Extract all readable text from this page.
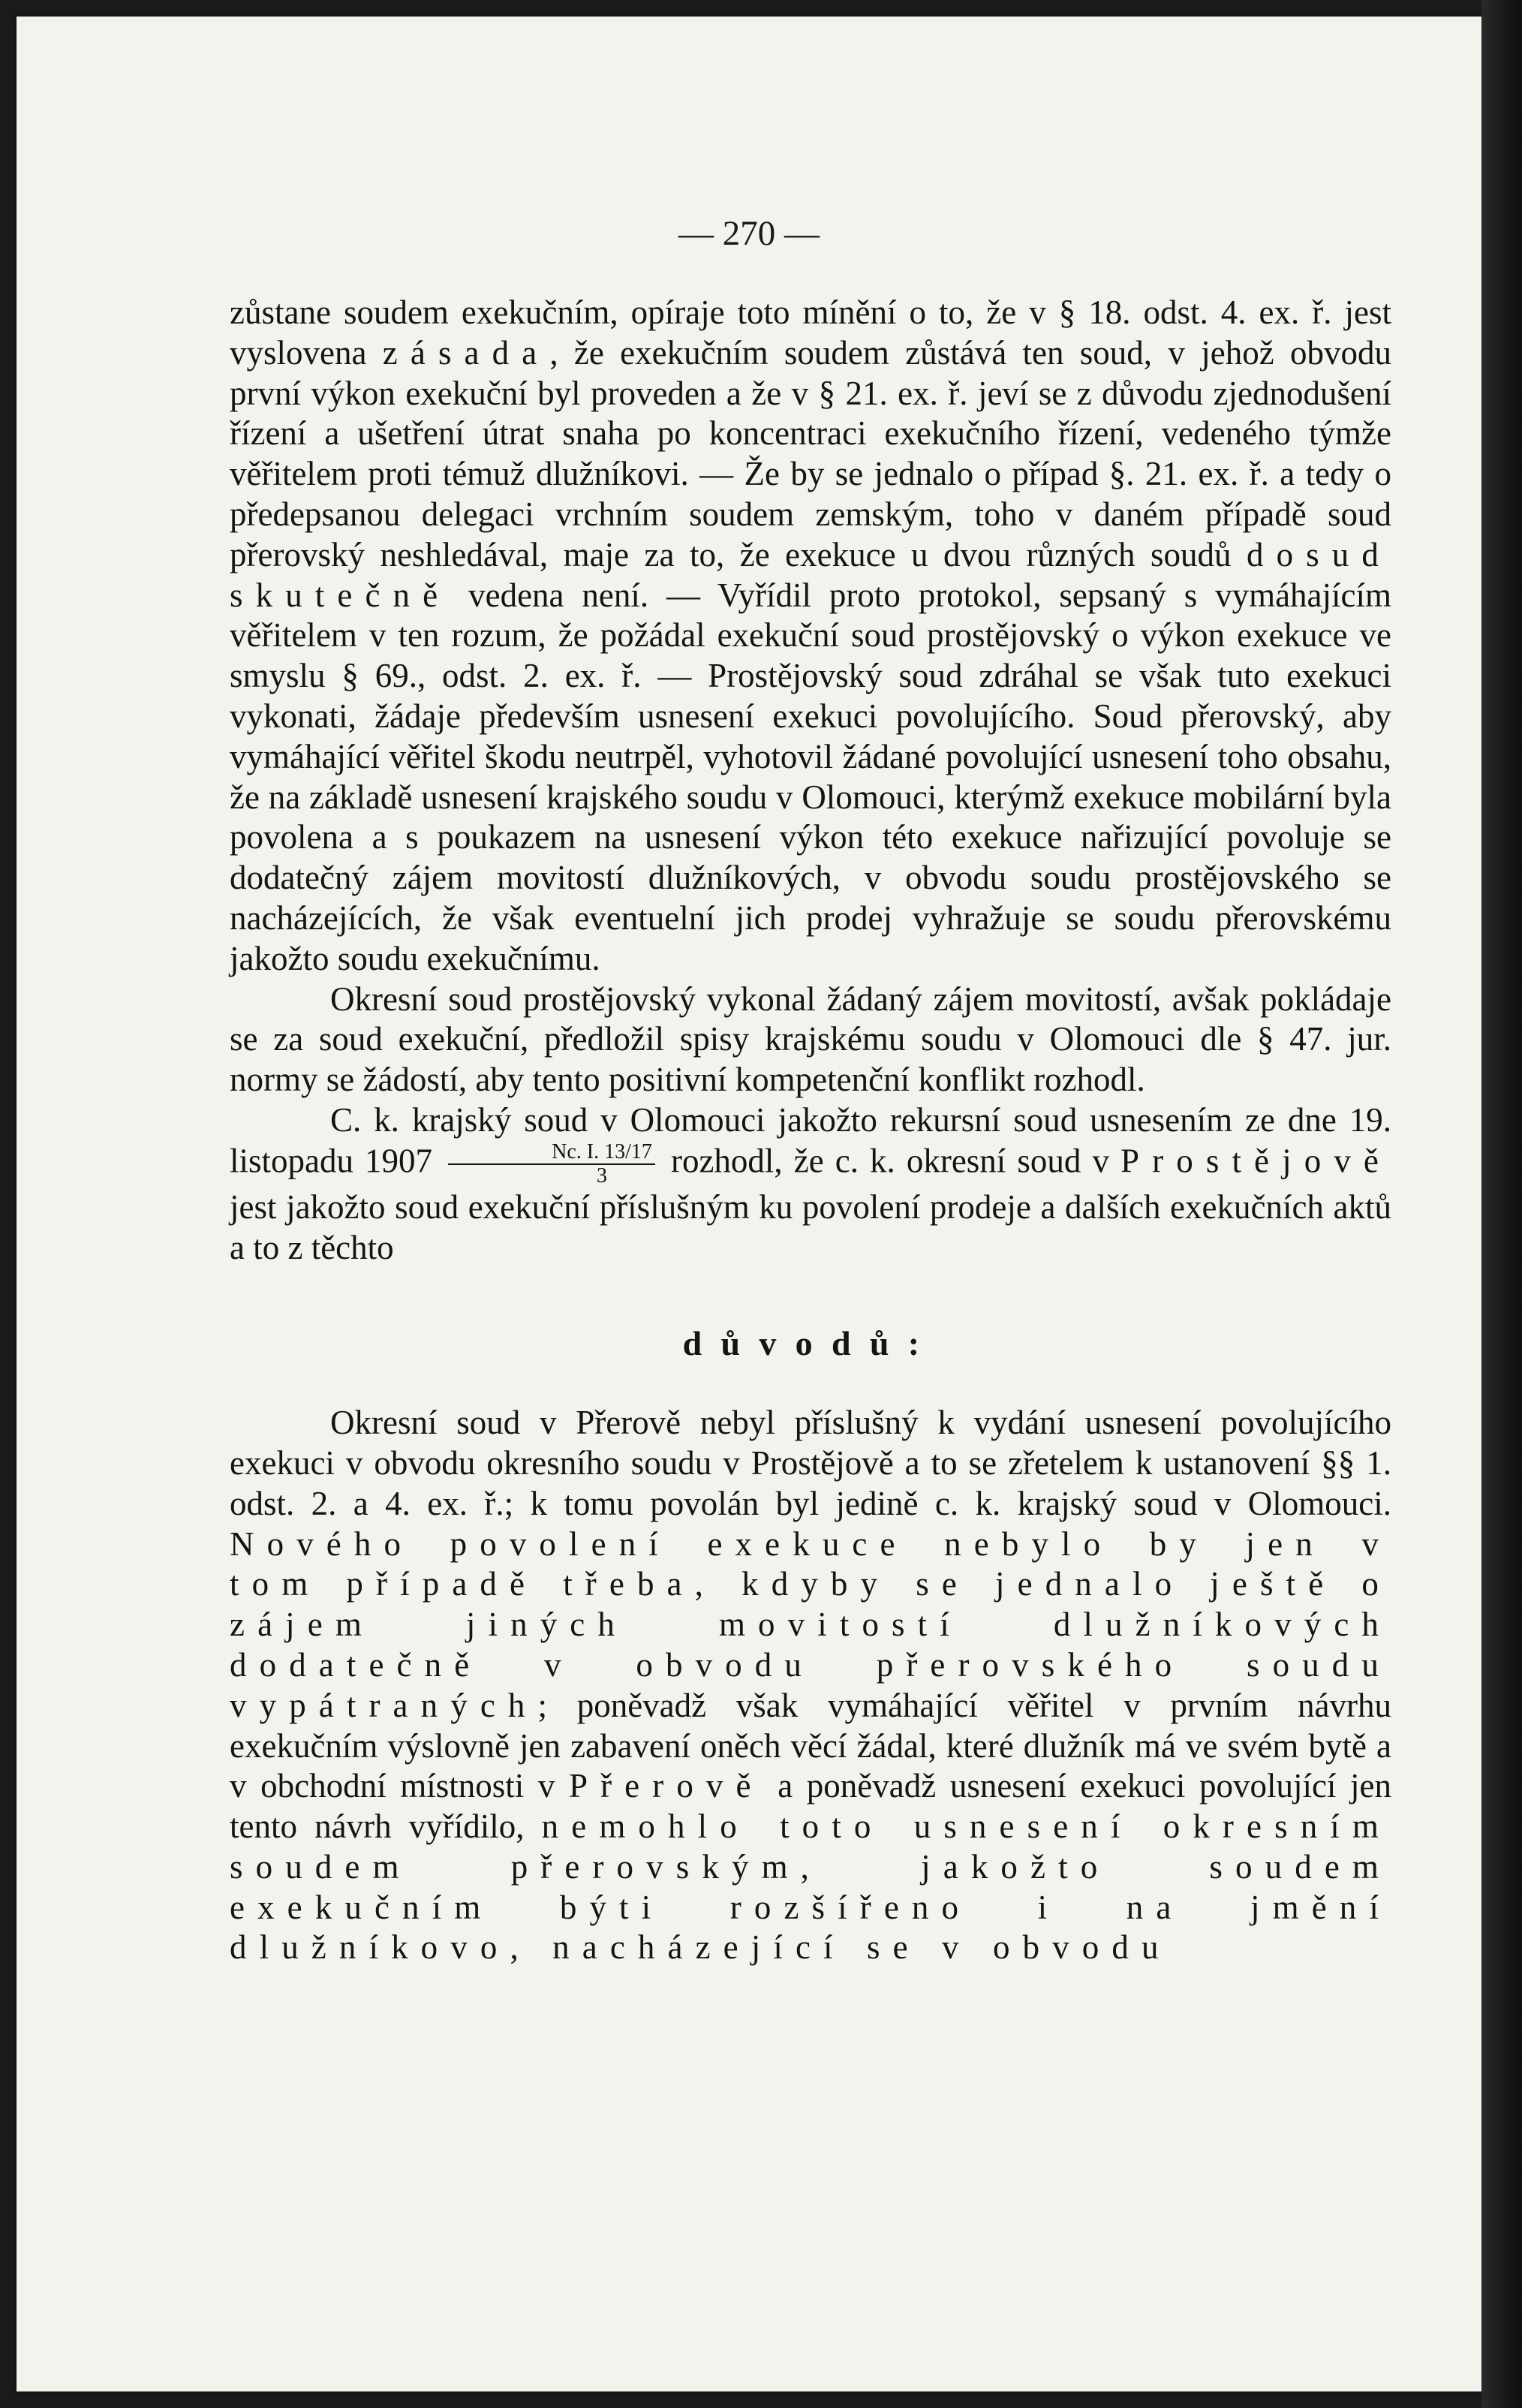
— 270 —

zůstane soudem exekučním, opíraje toto mínění o to, že v § 18. odst. 4. ex. ř. jest vyslovena zásada, že exekučním soudem zůstává ten soud, v jehož obvodu první výkon exekuční byl proveden a že v § 21. ex. ř. jeví se z důvodu zjednodušení řízení a ušetření útrat snaha po koncentraci exekučního řízení, vedeného týmže věřitelem proti témuž dlužníkovi. — Že by se jednalo o případ §. 21. ex. ř. a tedy o předepsanou delegaci vrchním soudem zemským, toho v daném případě soud přerovský neshledával, maje za to, že exekuce u dvou různých soudů dosud skutečně vedena není. — Vyřídil proto protokol, sepsaný s vymáhajícím věřitelem v ten rozum, že požádal exekuční soud prostějovský o výkon exekuce ve smyslu § 69., odst. 2. ex. ř. — Prostějovský soud zdráhal se však tuto exekuci vykonati, žádaje především usnesení exekuci povolujícího. Soud přerovský, aby vymáhající věřitel škodu neutrpěl, vyhotovil žádané povolující usnesení toho obsahu, že na základě usnesení krajského soudu v Olomouci, kterýmž exekuce mobilární byla povolena a s poukazem na usnesení výkon této exekuce nařizující povoluje se dodatečný zájem movitostí dlužníkových, v obvodu soudu prostějovského se nacházejících, že však eventuelní jich prodej vyhražuje se soudu přerovskému jakožto soudu exekučnímu.

Okresní soud prostějovský vykonal žádaný zájem movitostí, avšak pokládaje se za soud exekuční, předložil spisy krajskému soudu v Olomouci dle § 47. jur. normy se žádostí, aby tento positivní kompetenční konflikt rozhodl.

C. k. krajský soud v Olomouci jakožto rekursní soud usnesením ze dne 19. listopadu $1907 \frac{Nc. I. 13/17}{3}$ rozhodl, že c. k. okresní soud v Prostějově jest jakožto soud exekuční příslušným ku povolení prodeje a dalších exekučních aktů a to z těchto

důvodů:

Okresní soud v Přerově nebyl příslušný k vydání usnesení povolujícího exekuci v obvodu okresního soudu v Prostějově a to se zřetelem k ustanovení §§ 1. odst. 2. a 4. ex. ř.; k tomu povolán byl jedině c. k. krajský soud v Olomouci. Nového povolení exekuce nebylo by jen v tom případě třeba, kdyby se jednalo ještě o zájem jiných movitostí dlužníkových dodatečně v obvodu přerovského soudu vypátraných; poněvadž však vymáhající věřitel v prvním návrhu exekučním výslovně jen zabavení oněch věcí žádal, které dlužník má ve svém bytě a v obchodní místnosti v Přerově a poněvadž usnesení exekuci povolující jen tento návrh vyřídilo, nemohlo toto usnesení okresním soudem přerovským, jakožto soudem exekučním býti rozšířeno i na jmění dlužníkovo, nacházející se v obvodu
